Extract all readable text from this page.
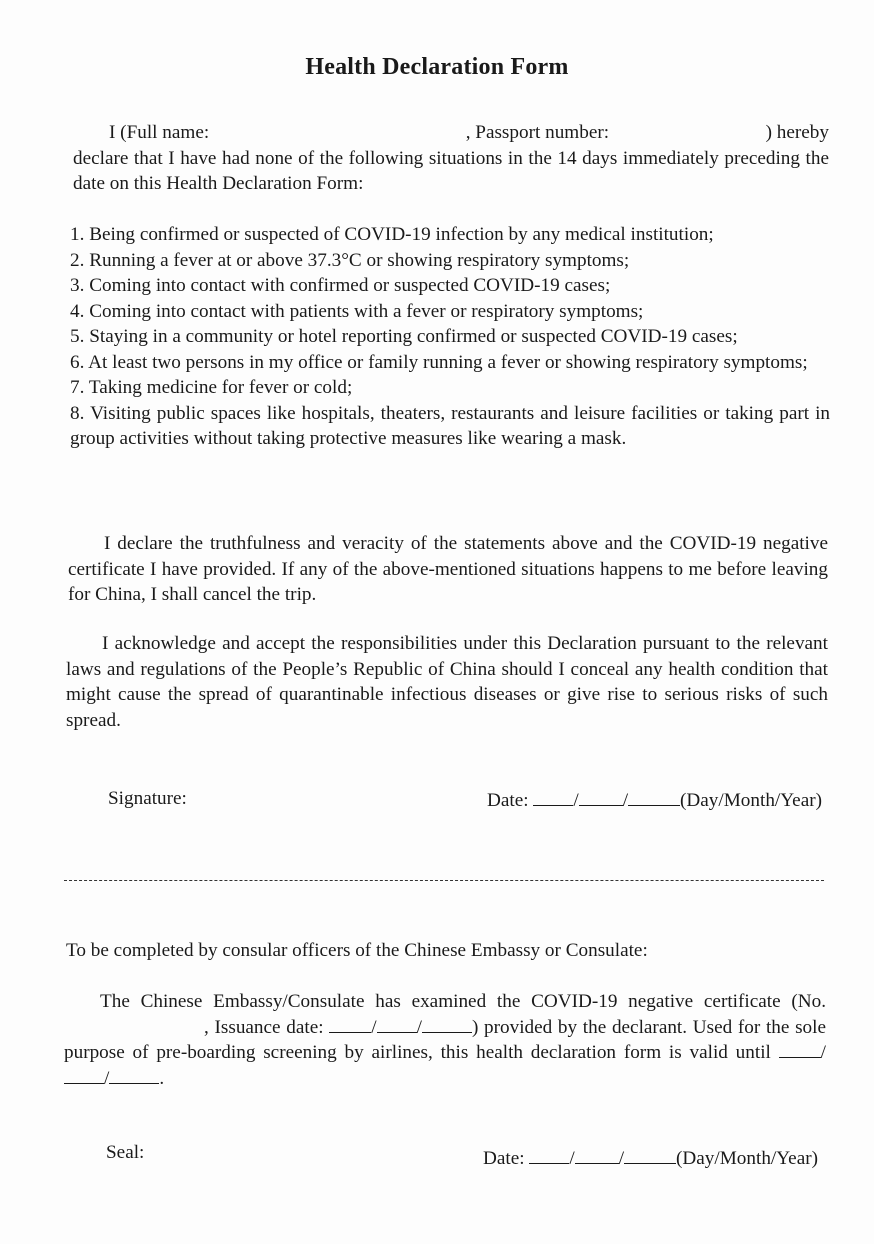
Health Declaration Form
I (Full name:	, Passport number:	) hereby
declare that I have had none of the following situations in the 14 days immediately preceding the date on this Health Declaration Form:
1. Being confirmed or suspected of COVID-19 infection by any medical institution;
2. Running a fever at or above 37.3°C or showing respiratory symptoms;
3. Coming into contact with confirmed or suspected COVID-19 cases;
4. Coming into contact with patients with a fever or respiratory symptoms;
5. Staying in a community or hotel reporting confirmed or suspected COVID-19 cases;
6. At least two persons in my office or family running a fever or showing respiratory symptoms;
7. Taking medicine for fever or cold;
8. Visiting public spaces like hospitals, theaters, restaurants and leisure facilities or taking part in group activities without taking protective measures like wearing a mask.
I declare the truthfulness and veracity of the statements above and the COVID-19 negative certificate I have provided. If any of the above-mentioned situations happens to me before leaving for China, I shall cancel the trip.
I acknowledge and accept the responsibilities under this Declaration pursuant to the relevant laws and regulations of the People’s Republic of China should I conceal any health condition that might cause the spread of quarantinable infectious diseases or give rise to serious risks of such spread.
Signature:	Date: / /	(Day/Month/Year)
To be completed by consular officers of the Chinese Embassy or Consulate:
The Chinese Embassy/Consulate has examined the COVID-19 negative certificate (No., Issuance date: / /	) provided by the declarant. Used for the sole purpose of pre-boarding screening by airlines, this health declaration form is valid until	//	.
Seal:	Date: / /	(Day/Month/Year)
